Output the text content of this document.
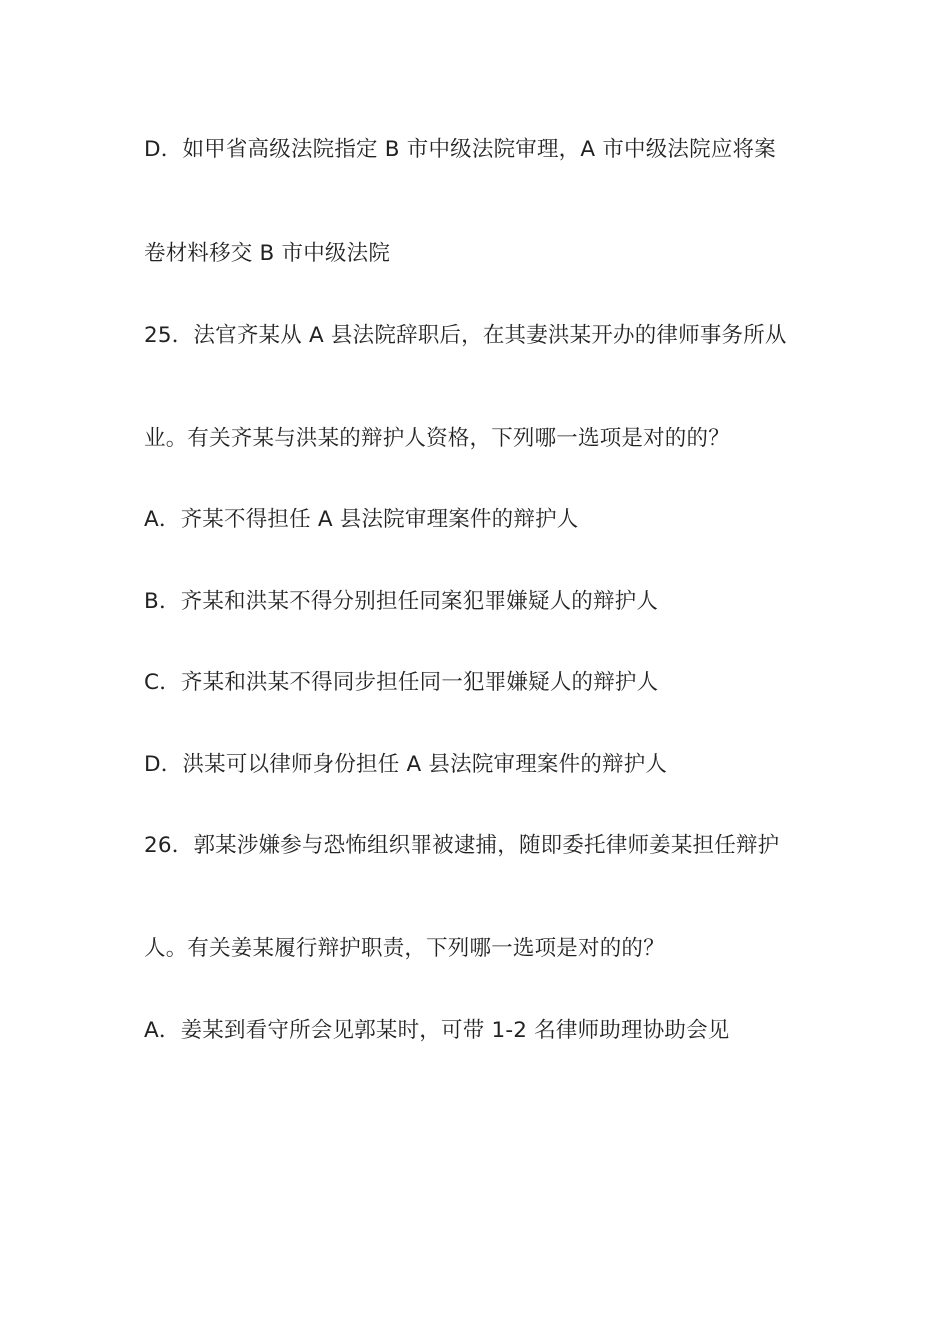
D．如甲省高级法院指定 B 市中级法院审理，A 市中级法院应将案
卷材料移交 B 市中级法院
25．法官齐某从 A 县法院辞职后，在其妻洪某开办的律师事务所从
业。有关齐某与洪某的辩护人资格，下列哪一选项是对的的？
A．齐某不得担任 A 县法院审理案件的辩护人
B．齐某和洪某不得分别担任同案犯罪嫌疑人的辩护人
C．齐某和洪某不得同步担任同一犯罪嫌疑人的辩护人
D．洪某可以律师身份担任 A 县法院审理案件的辩护人
26．郭某涉嫌参与恐怖组织罪被逮捕，随即委托律师姜某担任辩护
人。有关姜某履行辩护职责，下列哪一选项是对的的？
A．姜某到看守所会见郭某时，可带 1-2 名律师助理协助会见
